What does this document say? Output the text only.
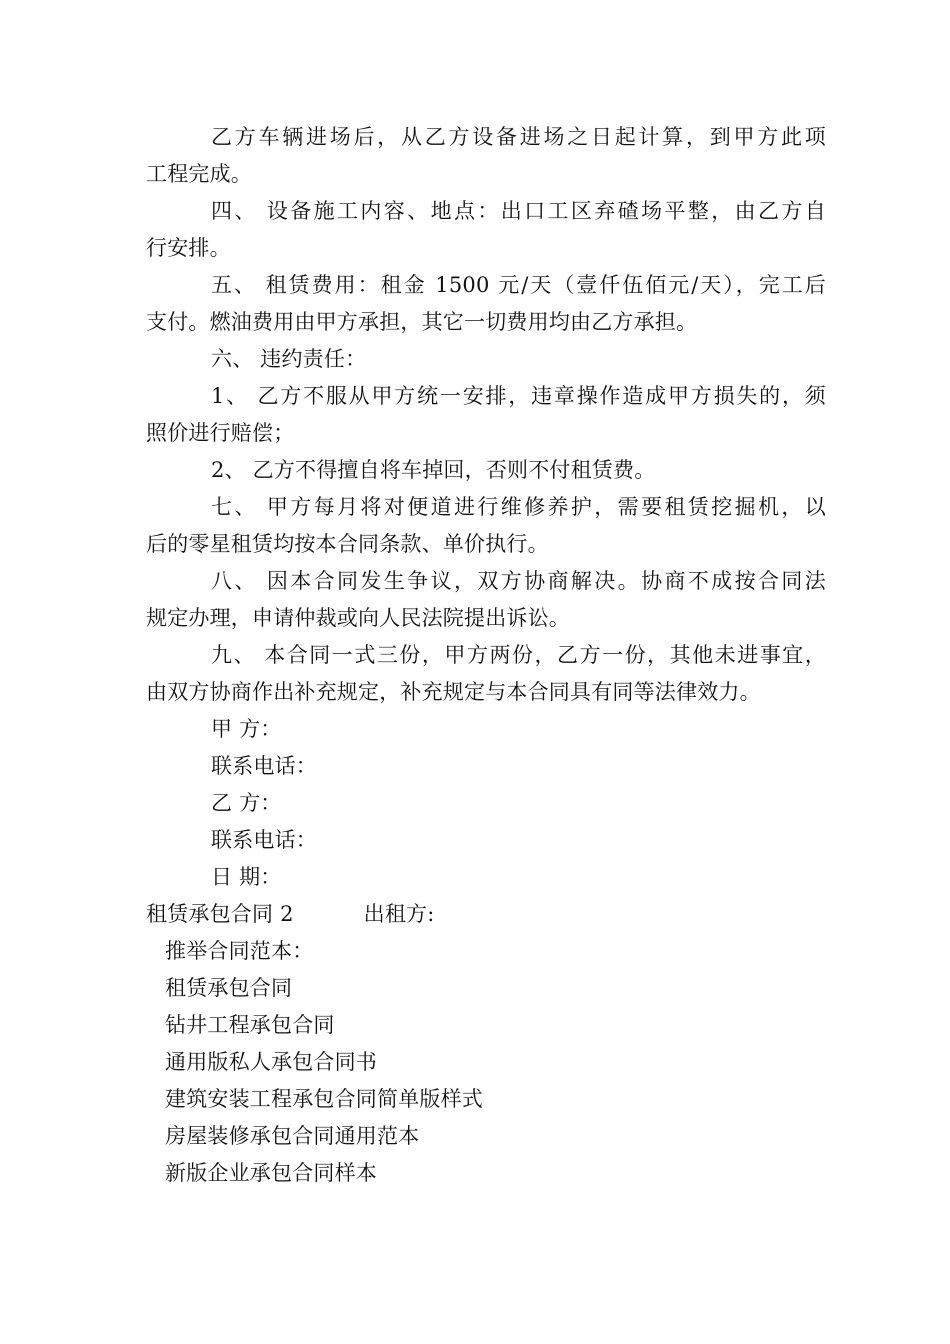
乙方车辆进场后，从乙方设备进场之日起计算，到甲方此项
工程完成。
四、 设备施工内容、地点：出口工区弃碴场平整，由乙方自
行安排。
五、 租赁费用：租金 1500 元/天（壹仟伍佰元/天），完工后
支付。燃油费用由甲方承担，其它一切费用均由乙方承担。
六、 违约责任：
1、 乙方不服从甲方统一安排，违章操作造成甲方损失的，须
照价进行赔偿；
2、 乙方不得擅自将车掉回，否则不付租赁费。
七、 甲方每月将对便道进行维修养护，需要租赁挖掘机，以
后的零星租赁均按本合同条款、单价执行。
八、 因本合同发生争议，双方协商解决。协商不成按合同法
规定办理，申请仲裁或向人民法院提出诉讼。
九、 本合同一式三份，甲方两份，乙方一份，其他未进事宜，
由双方协商作出补充规定，补充规定与本合同具有同等法律效力。
甲 方：
联系电话：
乙 方：
联系电话：
日 期：
租赁承包合同 2	出租方:
推举合同范本：
租赁承包合同
钻井工程承包合同
通用版私人承包合同书
建筑安装工程承包合同简单版样式
房屋装修承包合同通用范本
新版企业承包合同样本
